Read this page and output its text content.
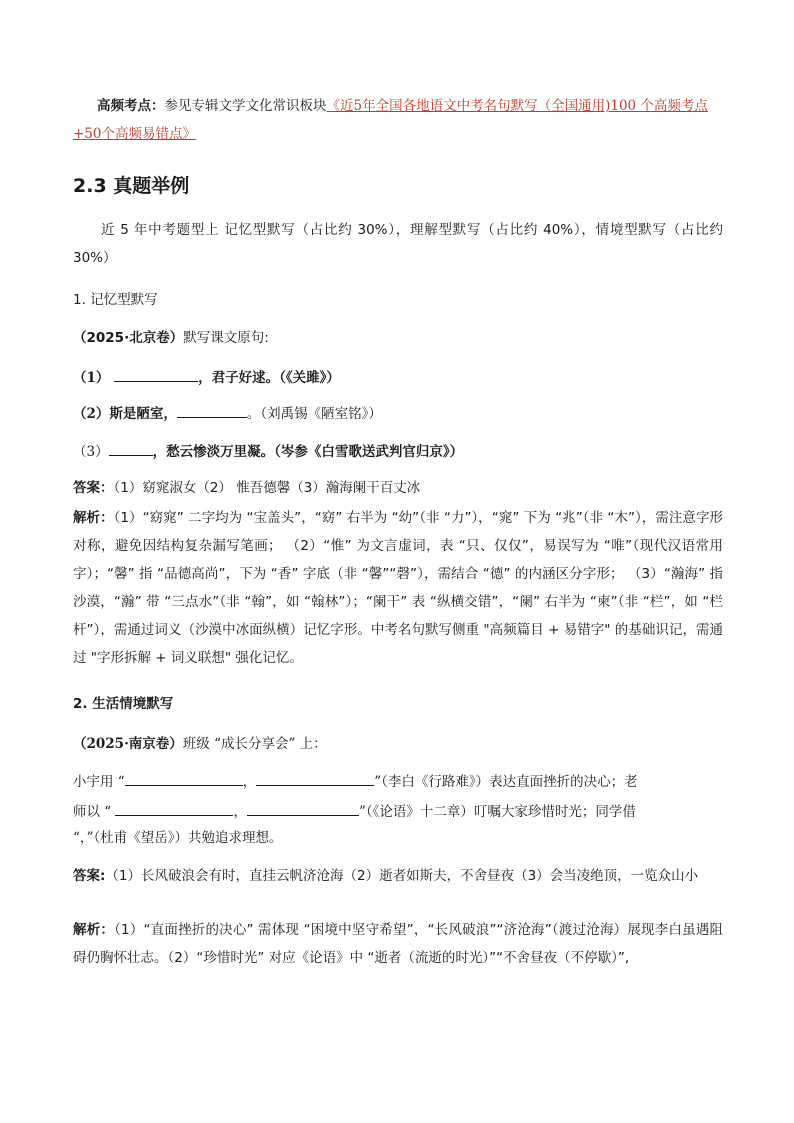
高频考点：参见专辑文学文化常识板块《近5年全国各地语文中考名句默写（全国通用)100 个高频考点+50个高频易错点》
2.3 真题举例
近 5 年中考题型上 记忆型默写（占比约 30%），理解型默写（占比约 40%），情境型默写（占比约 30%）
1. 记忆型默写
（2025·北京卷）默写课文原句:
（1）	，君子好逑。（《关雎》）
（2）斯是陋室，	。（刘禹锡《陋室铭》）
（3）	，愁云惨淡万里凝。（岑参《白雪歌送武判官归京》）
答案：（1）窈窕淑女（2） 惟吾德馨（3）瀚海阑干百丈冰
解析：（1）“窈窕” 二字均为 “宝盖头”，“窈” 右半为 “幼”（非 “力”），“窕” 下为 “兆”（非 “木”），需注意字形对称，避免因结构复杂漏写笔画； （2）“惟” 为文言虚词，表 “只、仅仅”，易误写为 “唯”（现代汉语常用字）；“馨” 指 “品德高尚”，下为 “香” 字底（非 “馨”“磬”），需结合 “德” 的内涵区分字形； （3）“瀚海” 指沙漠，“瀚” 带 “三点水”（非 “翰”，如 “翰林”）；“阑干” 表 “纵横交错”，“阑” 右半为 “柬”（非 “栏”，如 “栏杆”），需通过词义（沙漠中冰面纵横）记忆字形。中考名句默写侧重 "高频篇目 + 易错字" 的基础识记，需通过 "字形拆解 + 词义联想" 强化记忆。
2. 生活情境默写
（2025·南京卷）班级 “成长分享会” 上：
小宇用 “	，	”（李白《行路难》）表达直面挫折的决心；老
师以 “	，	”（《论语》十二章）叮嘱大家珍惜时光；同学借
“，”（杜甫《望岳》）共勉追求理想。
答案:（1）长风破浪会有时，直挂云帆济沧海（2）逝者如斯夫，不舍昼夜（3）会当凌绝顶，一览众山小
解析：（1）“直面挫折的决心” 需体现 “困境中坚守希望”，“长风破浪”“济沧海”（渡过沧海）展现李白虽遇阻碍仍胸怀壮志。（2）“珍惜时光” 对应《论语》中 “逝者（流逝的时光）”“不舍昼夜（不停歇）”,
